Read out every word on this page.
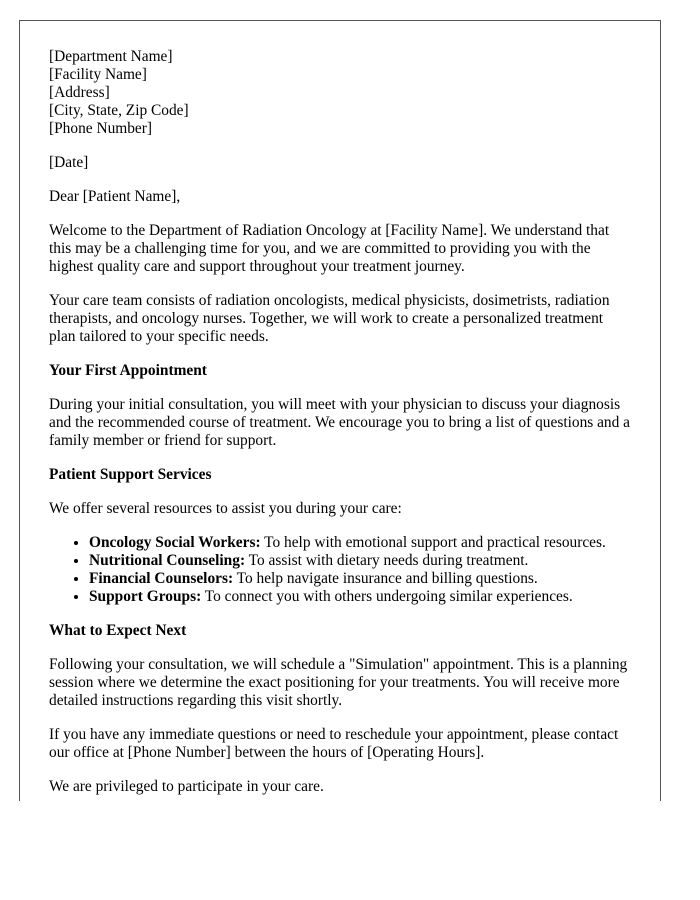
[Department Name]
[Facility Name]
[Address]
[City, State, Zip Code]
[Phone Number]

[Date]

Dear [Patient Name],

Welcome to the Department of Radiation Oncology at [Facility Name]. We understand that this may be a challenging time for you, and we are committed to providing you with the highest quality care and support throughout your treatment journey.

Your care team consists of radiation oncologists, medical physicists, dosimetrists, radiation therapists, and oncology nurses. Together, we will work to create a personalized treatment plan tailored to your specific needs.

Your First Appointment

During your initial consultation, you will meet with your physician to discuss your diagnosis and the recommended course of treatment. We encourage you to bring a list of questions and a family member or friend for support.

Patient Support Services

We offer several resources to assist you during your care:

• Oncology Social Workers: To help with emotional support and practical resources.
• Nutritional Counseling: To assist with dietary needs during treatment.
• Financial Counselors: To help navigate insurance and billing questions.
• Support Groups: To connect you with others undergoing similar experiences.
What to Expect Next

Following your consultation, we will schedule a "Simulation" appointment. This is a planning session where we determine the exact positioning for your treatments. You will receive more detailed instructions regarding this visit shortly.

If you have any immediate questions or need to reschedule your appointment, please contact our office at [Phone Number] between the hours of [Operating Hours].

We are privileged to participate in your care.
